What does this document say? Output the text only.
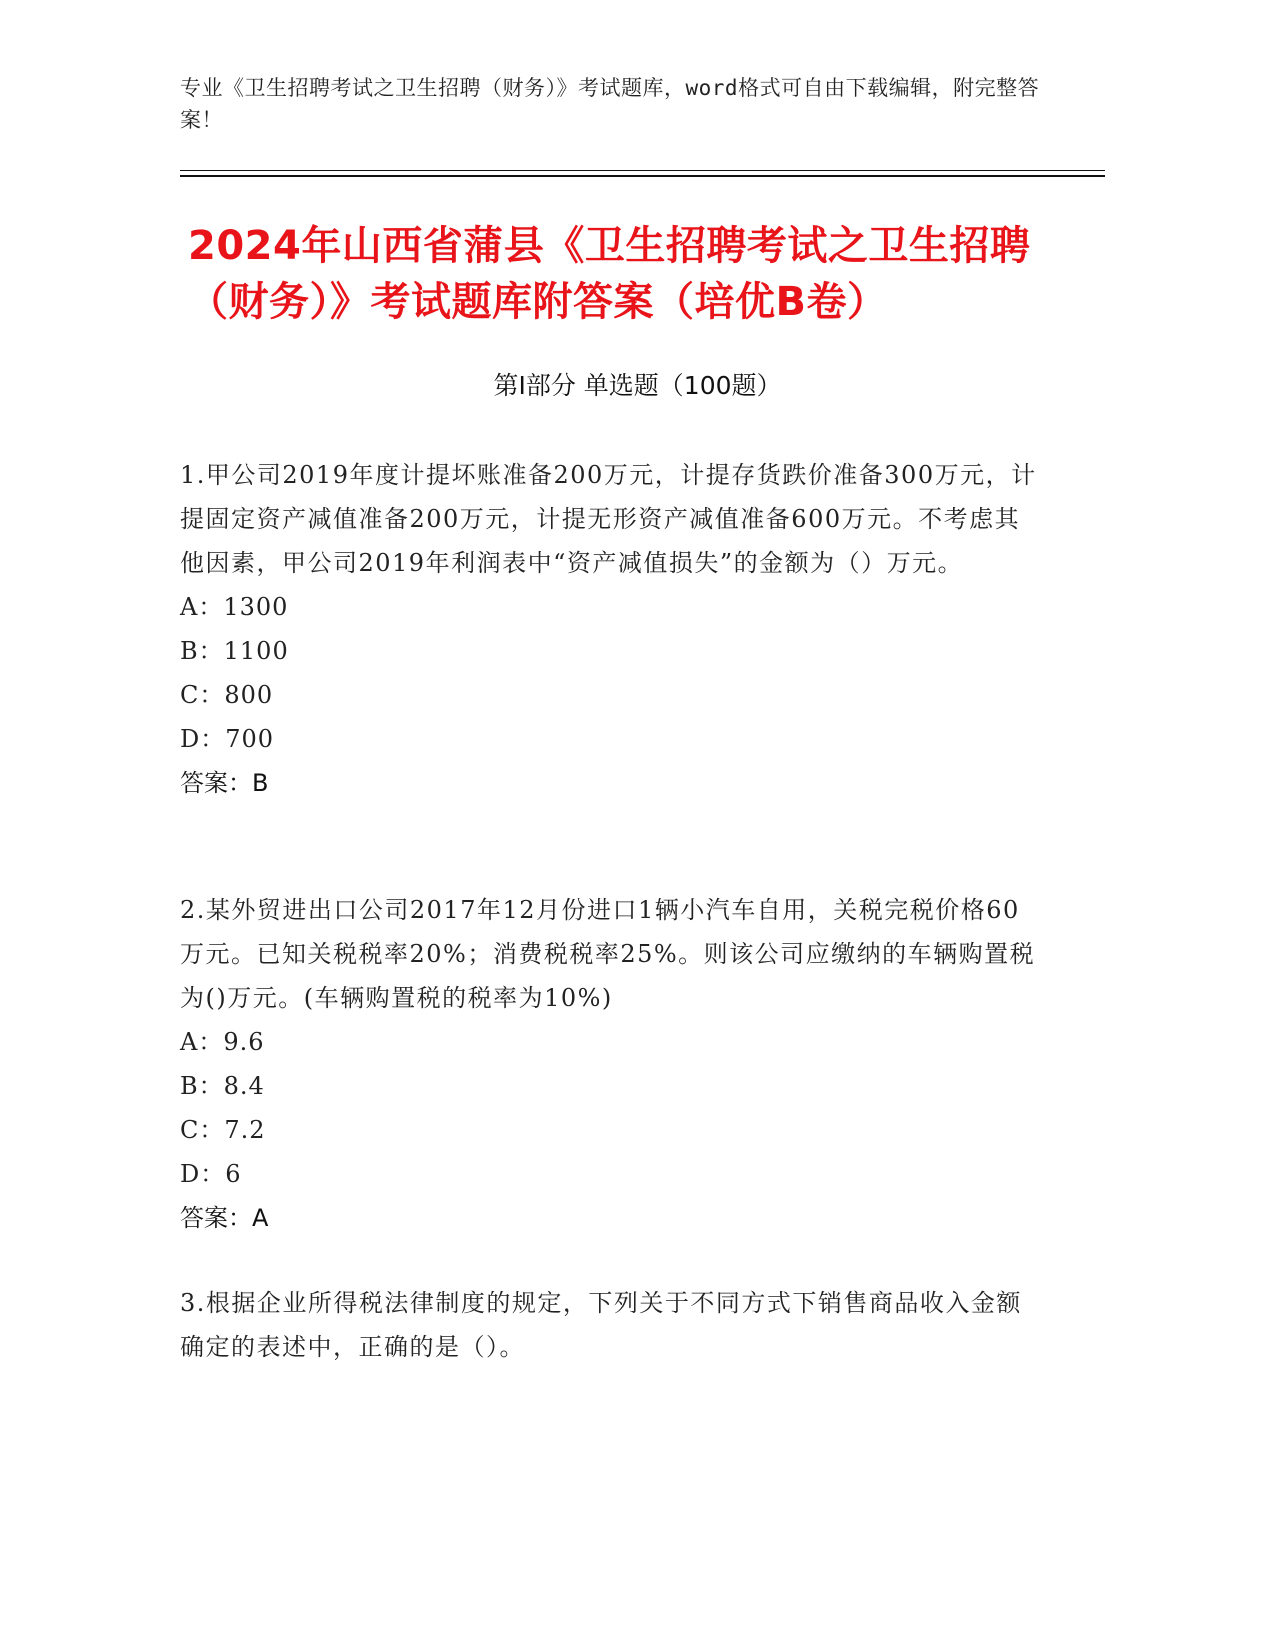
专业《卫生招聘考试之卫生招聘（财务）》考试题库，word格式可自由下载编辑，附完整答案！
2024年山西省蒲县《卫生招聘考试之卫生招聘（财务）》考试题库附答案（培优B卷）
第Ⅰ部分 单选题（100题）
1.甲公司2019年度计提坏账准备200万元，计提存货跌价准备300万元，计提固定资产减值准备200万元，计提无形资产减值准备600万元。不考虑其他因素，甲公司2019年利润表中“资产减值损失”的金额为（）万元。
A：1300
B：1100
C：800
D：700
答案：B
2.某外贸进出口公司2017年12月份进口1辆小汽车自用，关税完税价格60万元。已知关税税率20%；消费税税率25%。则该公司应缴纳的车辆购置税为()万元。(车辆购置税的税率为10%)
A：9.6
B：8.4
C：7.2
D：6
答案：A
3.根据企业所得税法律制度的规定，下列关于不同方式下销售商品收入金额确定的表述中，正确的是（）。
